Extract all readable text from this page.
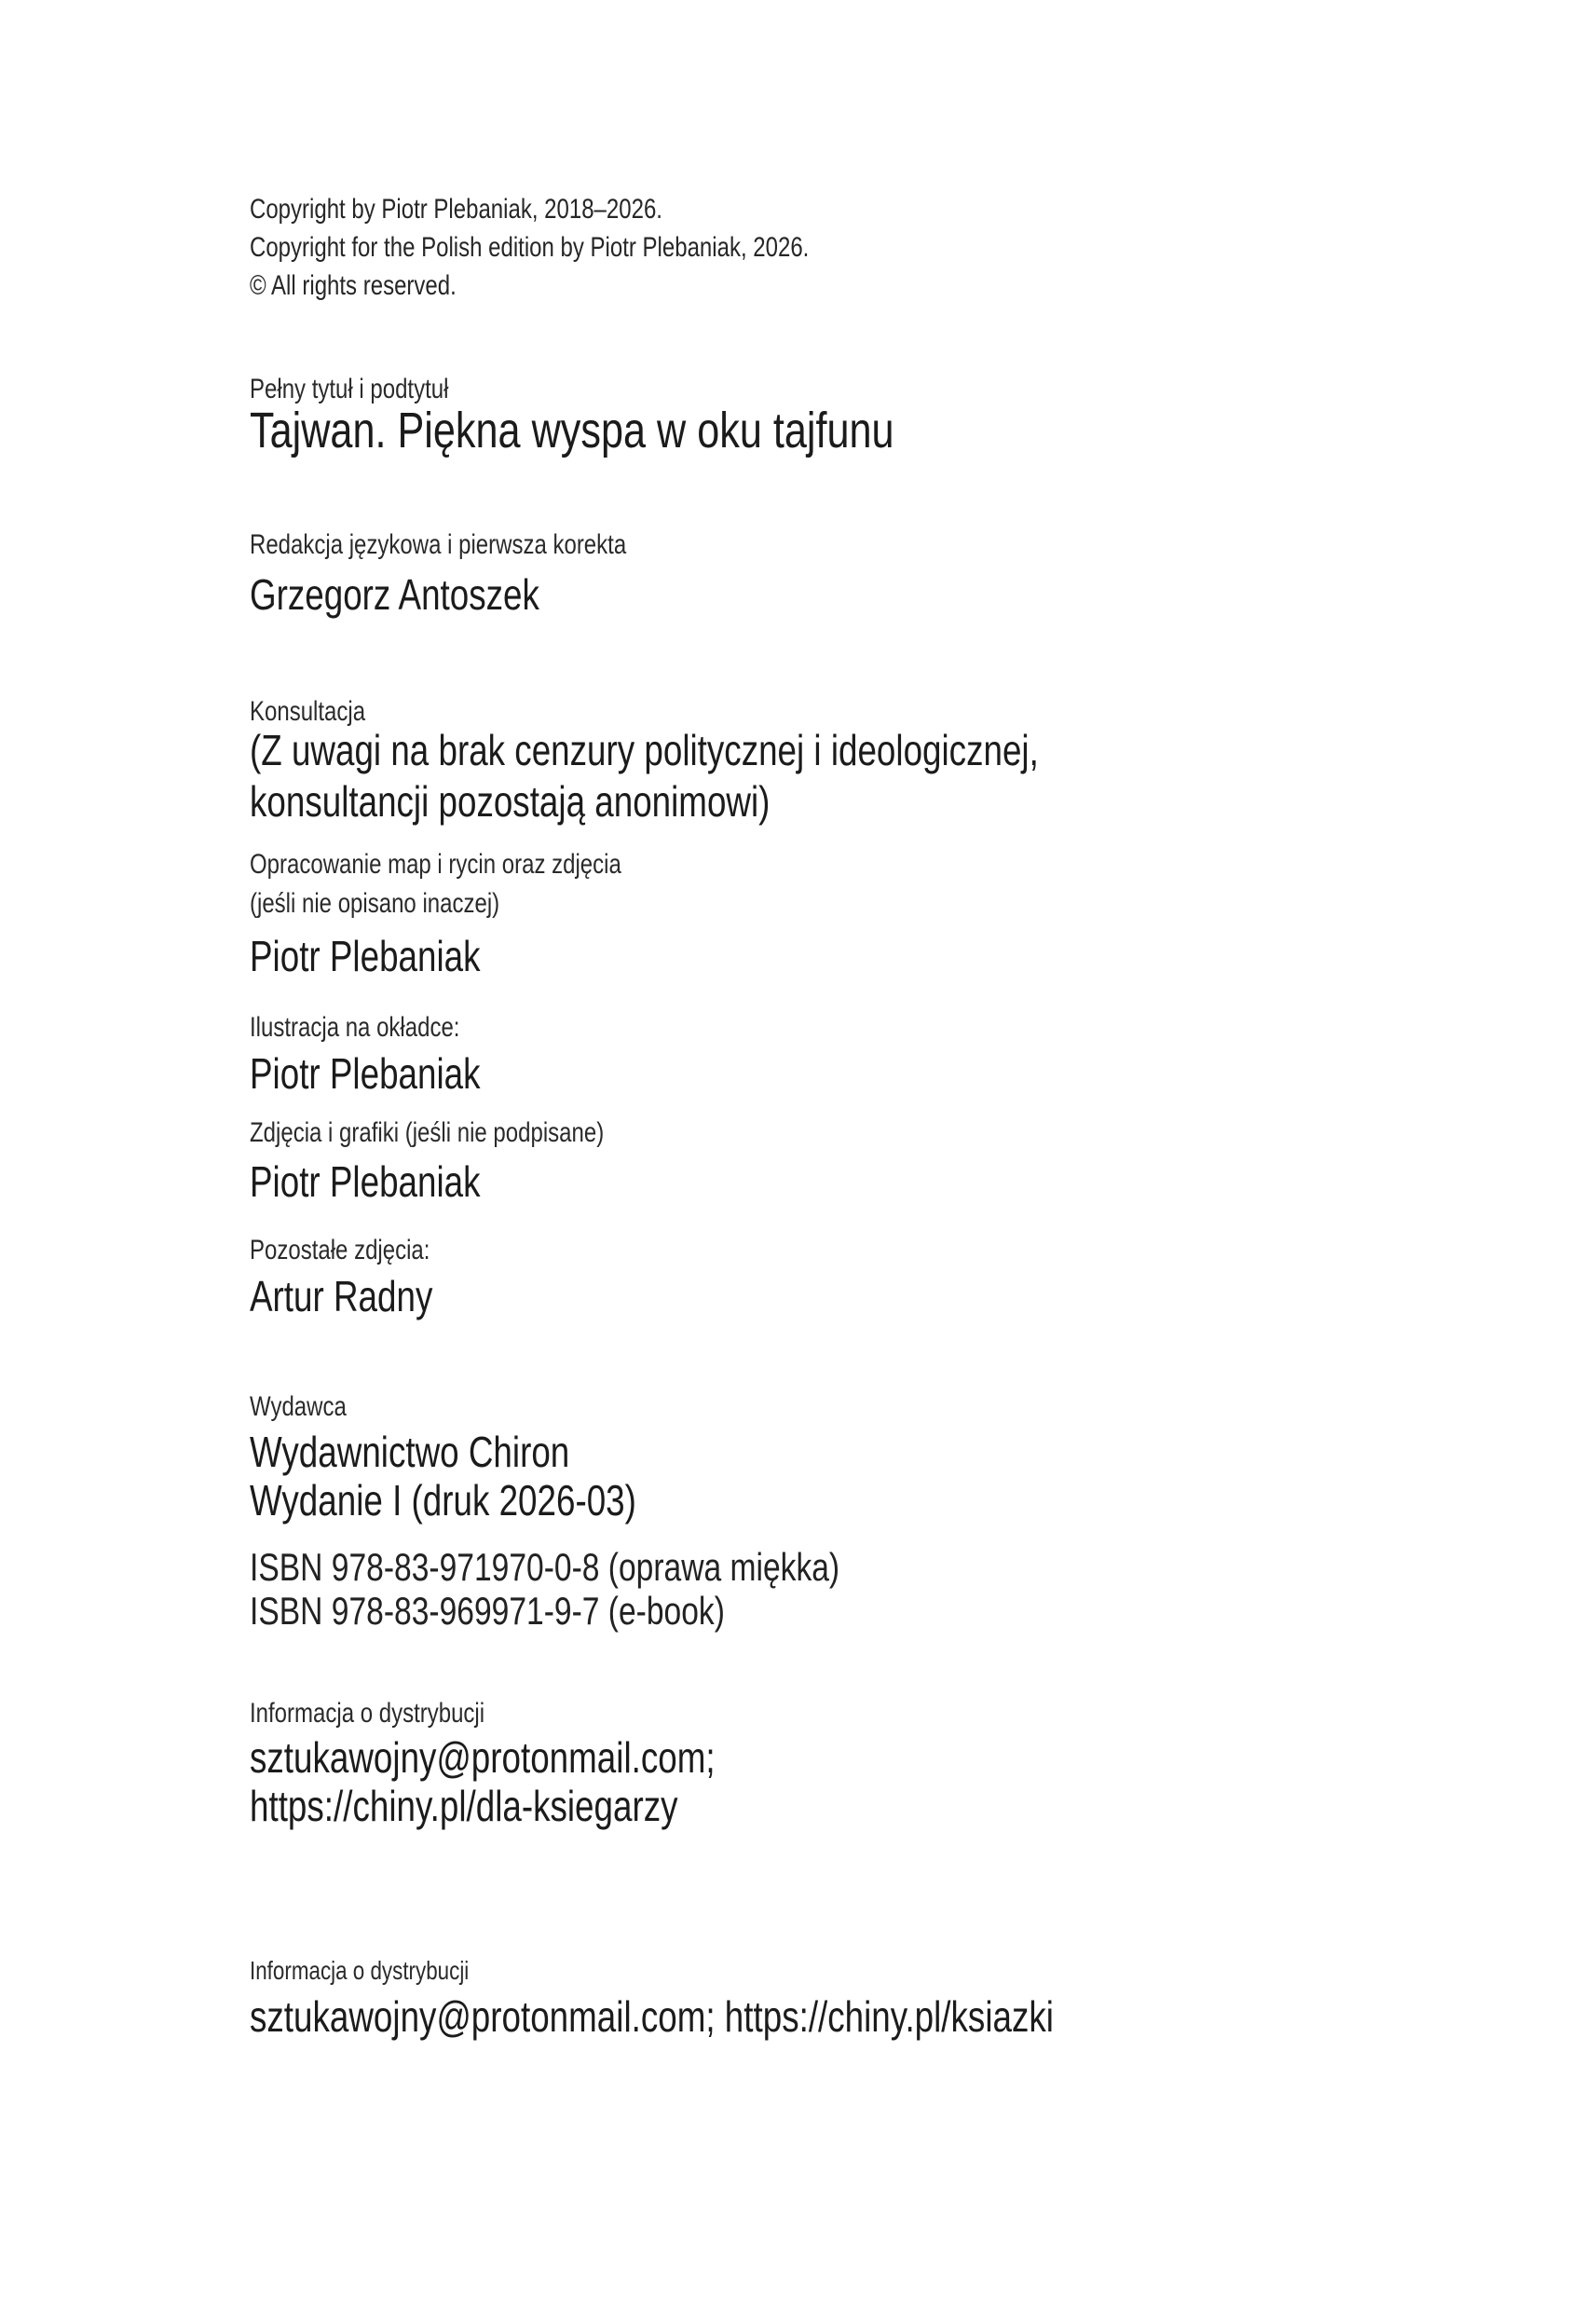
Copyright by Piotr Plebaniak, 2018–2026.
Copyright for the Polish edition by Piotr Plebaniak, 2026.
© All rights reserved.
Pełny tytuł i podtytuł
Tajwan. Piękna wyspa w oku tajfunu
Redakcja językowa i pierwsza korekta
Grzegorz Antoszek
Konsultacja
(Z uwagi na brak cenzury politycznej i ideologicznej,
konsultancji pozostają anonimowi)
Opracowanie map i rycin oraz zdjęcia
(jeśli nie opisano inaczej)
Piotr Plebaniak
Ilustracja na okładce:
Piotr Plebaniak
Zdjęcia i grafiki (jeśli nie podpisane)
Piotr Plebaniak
Pozostałe zdjęcia:
Artur Radny
Wydawca
Wydawnictwo Chiron
Wydanie I (druk 2026-03)
ISBN 978-83-971970-0-8 (oprawa miękka)
ISBN 978-83-969971-9-7 (e-book)
Informacja o dystrybucji
sztukawojny@protonmail.com;
https://chiny.pl/dla-ksiegarzy
Informacja o dystrybucji
sztukawojny@protonmail.com; https://chiny.pl/ksiazki
